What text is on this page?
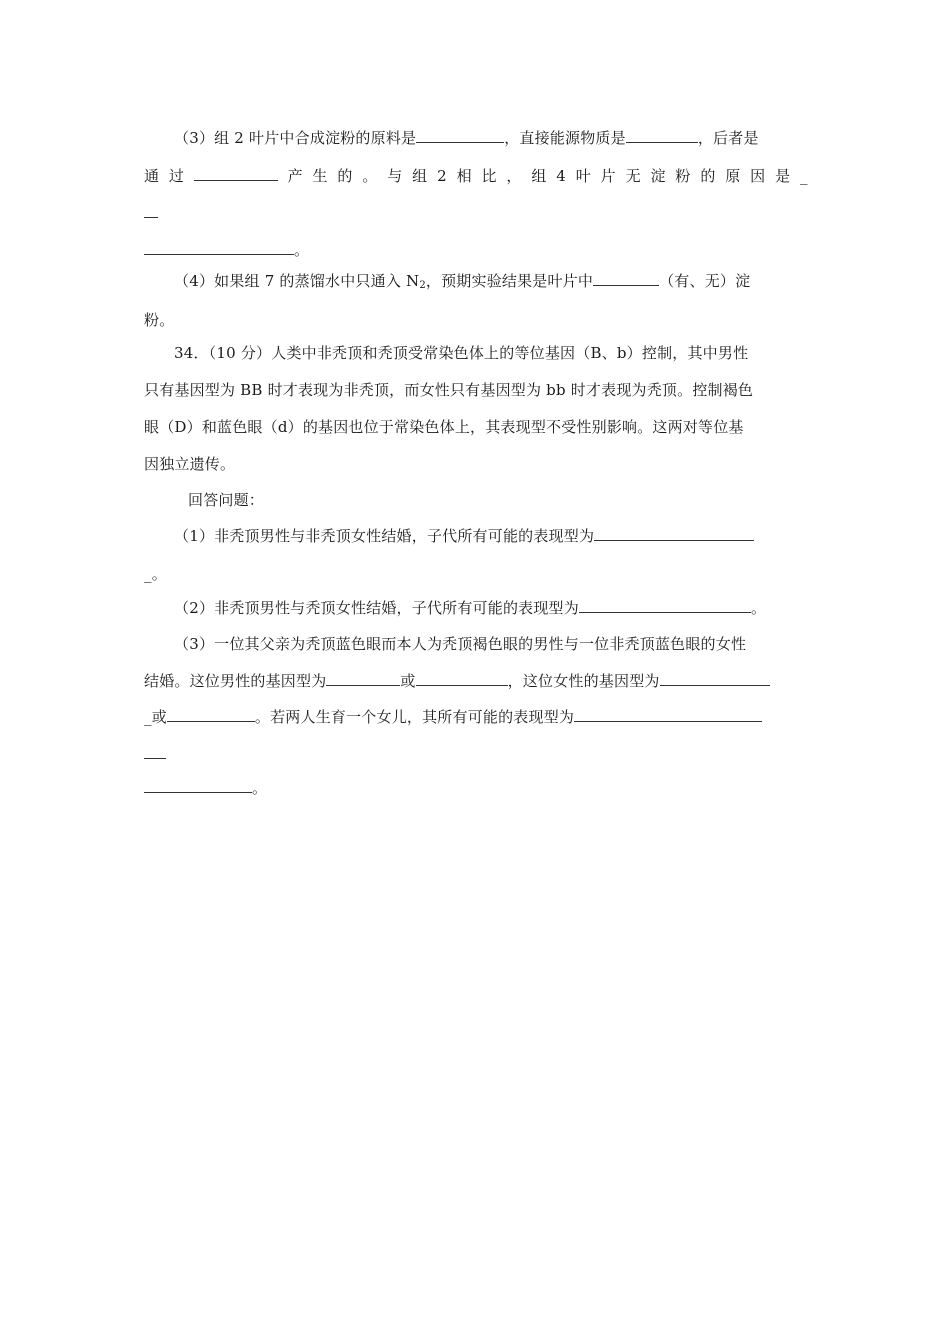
（3）组 2 叶片中合成淀粉的原料是	，直接能源物质是	，后者是
通 过	产 生 的 。 与 组 2 相 比 ， 组 4 叶 片 无 淀 粉 的 原 因 是 _
。
（4）如果组 7 的蒸馏水中只通入 $N_2$，预期实验结果是叶片中	（有、无）淀
粉。
34．（10 分）人类中非秃顶和秃顶受常染色体上的等位基因（B、b）控制，其中男性
只有基因型为 BB 时才表现为非秃顶，而女性只有基因型为 bb 时才表现为秃顶。控制褐色
眼（D）和蓝色眼（d）的基因也位于常染色体上，其表现型不受性别影响。这两对等位基
因独立遗传。
回答问题：
（1）非秃顶男性与非秃顶女性结婚，子代所有可能的表现型为
_。
（2）非秃顶男性与秃顶女性结婚，子代所有可能的表现型为	。
（3）一位其父亲为秃顶蓝色眼而本人为秃顶褐色眼的男性与一位非秃顶蓝色眼的女性
结婚。这位男性的基因型为	或	，这位女性的基因型为
_或	。若两人生育一个女儿，其所有可能的表现型为
。
